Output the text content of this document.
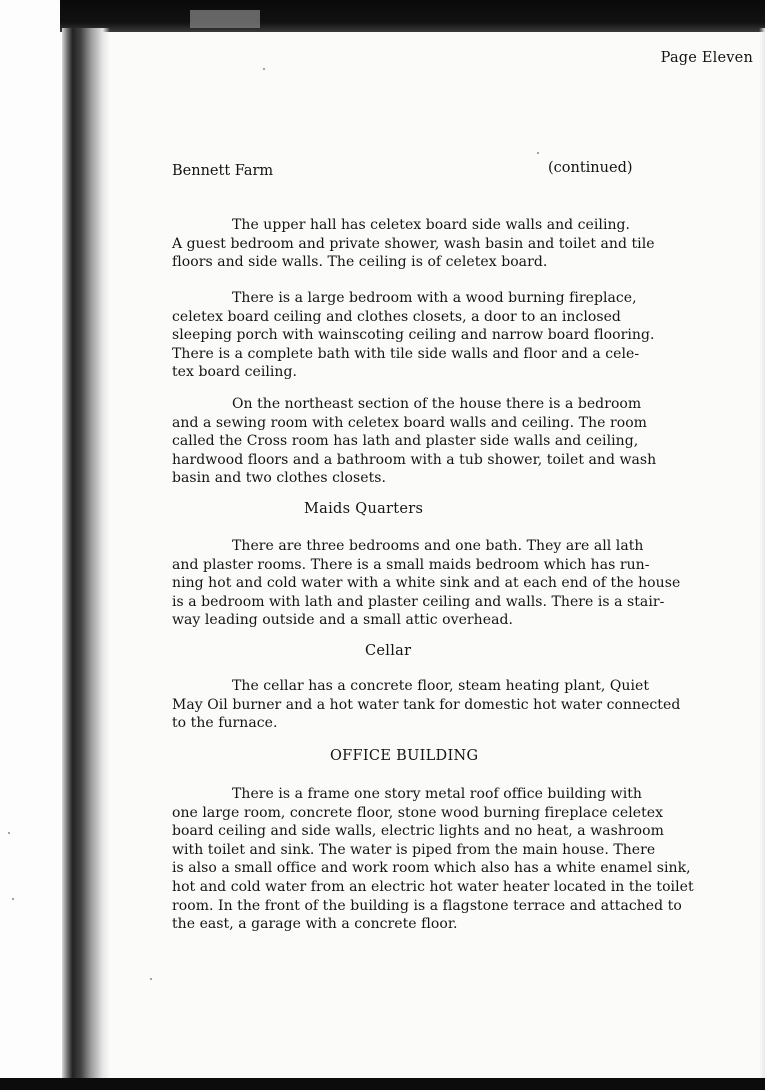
Page Eleven
Bennett Farm	(continued)

The upper hall has celetex board side walls and ceiling.
A guest bedroom and private shower, wash basin and toilet and tile
floors and side walls. The ceiling is of celetex board.

There is a large bedroom with a wood burning fireplace,
celetex board ceiling and clothes closets, a door to an inclosed
sleeping porch with wainscoting ceiling and narrow board flooring.
There is a complete bath with tile side walls and floor and a cele-
tex board ceiling.

On the northeast section of the house there is a bedroom
and a sewing room with celetex board walls and ceiling. The room
called the Cross room has lath and plaster side walls and ceiling,
hardwood floors and a bathroom with a tub shower, toilet and wash
basin and two clothes closets.

Maids Quarters

There are three bedrooms and one bath. They are all lath
and plaster rooms. There is a small maids bedroom which has run-
ning hot and cold water with a white sink and at each end of the house
is a bedroom with lath and plaster ceiling and walls. There is a stair-
way leading outside and a small attic overhead.

Cellar

The cellar has a concrete floor, steam heating plant, Quiet
May Oil burner and a hot water tank for domestic hot water connected
to the furnace.

OFFICE BUILDING

There is a frame one story metal roof office building with
one large room, concrete floor, stone wood burning fireplace celetex
board ceiling and side walls, electric lights and no heat, a washroom
with toilet and sink. The water is piped from the main house. There
is also a small office and work room which also has a white enamel sink,
hot and cold water from an electric hot water heater located in the toilet
room. In the front of the building is a flagstone terrace and attached to
the east, a garage with a concrete floor.
